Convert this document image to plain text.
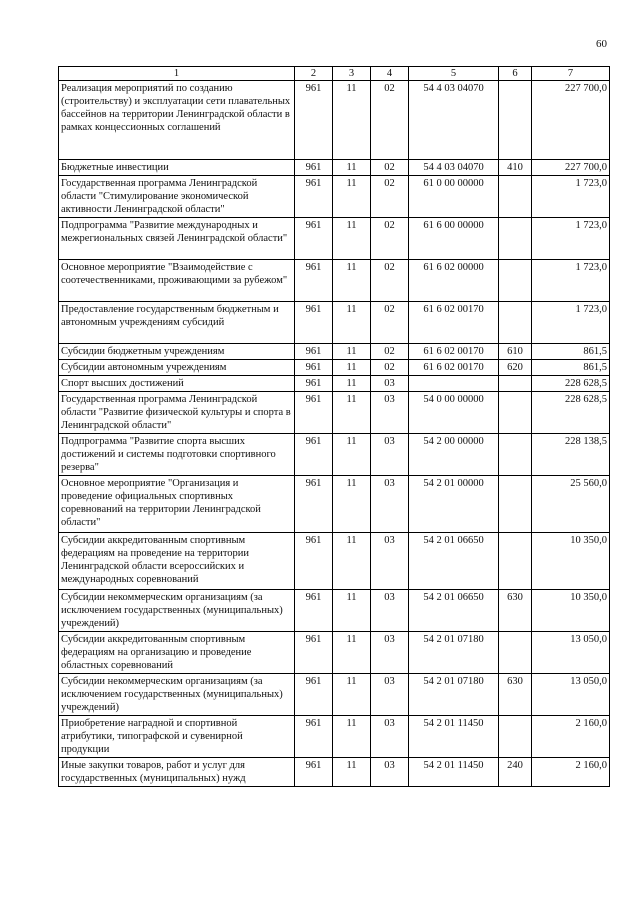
60
1	2	3	4	5	6	7
Реализация мероприятий по созданию (строительству) и эксплуатации сети плавательных бассейнов на территории Ленинградской области в рамках концессионных соглашений	961	11	02	54 4 03 04070		227 700,0
Бюджетные инвестиции	961	11	02	54 4 03 04070	410	227 700,0
Государственная программа Ленинградской области "Стимулирование экономической активности Ленинградской области"	961	11	02	61 0 00 00000		1 723,0
Подпрограмма "Развитие международных и межрегиональных связей Ленинградской области"	961	11	02	61 6 00 00000		1 723,0
Основное мероприятие "Взаимодействие с соотечественниками, проживающими за рубежом"	961	11	02	61 6 02 00000		1 723,0
Предоставление государственным бюджетным и автономным учреждениям субсидий	961	11	02	61 6 02 00170		1 723,0
Субсидии бюджетным учреждениям	961	11	02	61 6 02 00170	610	861,5
Субсидии автономным учреждениям	961	11	02	61 6 02 00170	620	861,5
Спорт высших достижений	961	11	03			228 628,5
Государственная программа Ленинградской области "Развитие физической культуры и спорта в Ленинградской области"	961	11	03	54 0 00 00000		228 628,5
Подпрограмма "Развитие спорта высших достижений и системы подготовки спортивного резерва"	961	11	03	54 2 00 00000		228 138,5
Основное мероприятие "Организация и проведение официальных спортивных соревнований на территории Ленинградской области"	961	11	03	54 2 01 00000		25 560,0
Субсидии аккредитованным спортивным федерациям на проведение на территории Ленинградской области всероссийских и международных соревнований	961	11	03	54 2 01 06650		10 350,0
Субсидии некоммерческим организациям (за исключением государственных (муниципальных) учреждений)	961	11	03	54 2 01 06650	630	10 350,0
Субсидии аккредитованным спортивным федерациям на организацию и проведение областных соревнований	961	11	03	54 2 01 07180		13 050,0
Субсидии некоммерческим организациям (за исключением государственных (муниципальных) учреждений)	961	11	03	54 2 01 07180	630	13 050,0
Приобретение наградной и спортивной атрибутики, типографской и сувенирной продукции	961	11	03	54 2 01 11450		2 160,0
Иные закупки товаров, работ и услуг для государственных (муниципальных) нужд	961	11	03	54 2 01 11450	240	2 160,0
